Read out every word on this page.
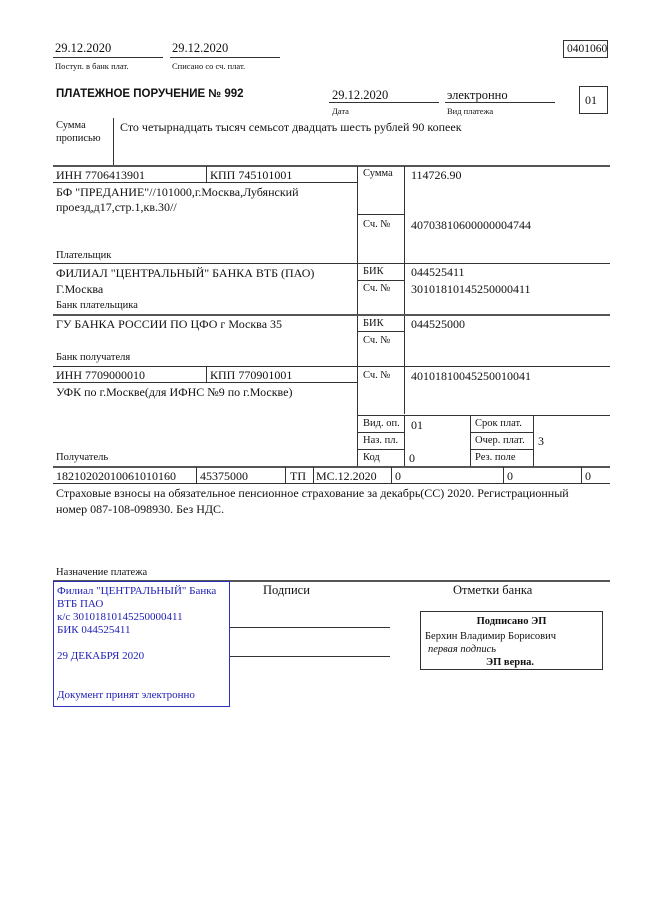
29.12.2020
Поступ. в банк плат.
29.12.2020
Списано со сч. плат.
0401060
ПЛАТЕЖНОЕ ПОРУЧЕНИЕ № 992	29.12.2020
Дата
электронно
Вид платежа
01
Сумма
прописью
Сто четырнадцать тысяч семьсот двадцать шесть рублей 90 копеек
ИНН 7706413901	КПП 745101001
БФ "ПРЕДАНИЕ"//101000,г.Москва,Лубянский
проезд,д17,стр.1,кв.30//
Плательщик
Сумма 114726.90
Сч. № 40703810600000004744
ФИЛИАЛ "ЦЕНТРАЛЬНЫЙ" БАНКА ВТБ (ПАО)
Г.Москва
Банк плательщика
БИК 044525411
Сч. № 30101810145250000411
ГУ БАНКА РОССИИ ПО ЦФО г Москва 35
Банк получателя
БИК 044525000
Сч. №
ИНН 7709000010	КПП 770901001
УФК по г.Москве(для ИФНС №9 по г.Москве)
Получатель
Сч. № 40101810045250010041
Вид. оп. 01
Наз. пл.
Код 0
Срок плат.
Очер. плат. 3
Рез. поле
18210202010061010160 45375000	ТП МС.12.2020 0	0	0
Страховые взносы на обязательное пенсионное страхование за декабрь(СС) 2020. Регистрационный
номер 087-108-098930. Без НДС.
Назначение платежа
Подписи	Отметки банка
Филиал "ЦЕНТРАЛЬНЫЙ" Банка
ВТБ ПАО
к/с 30101810145250000411
БИК 044525411
29 ДЕКАБРЯ 2020
Документ принят электронно
Подписано ЭП
Берхин Владимир Борисович
первая подпись
ЭП верна.
